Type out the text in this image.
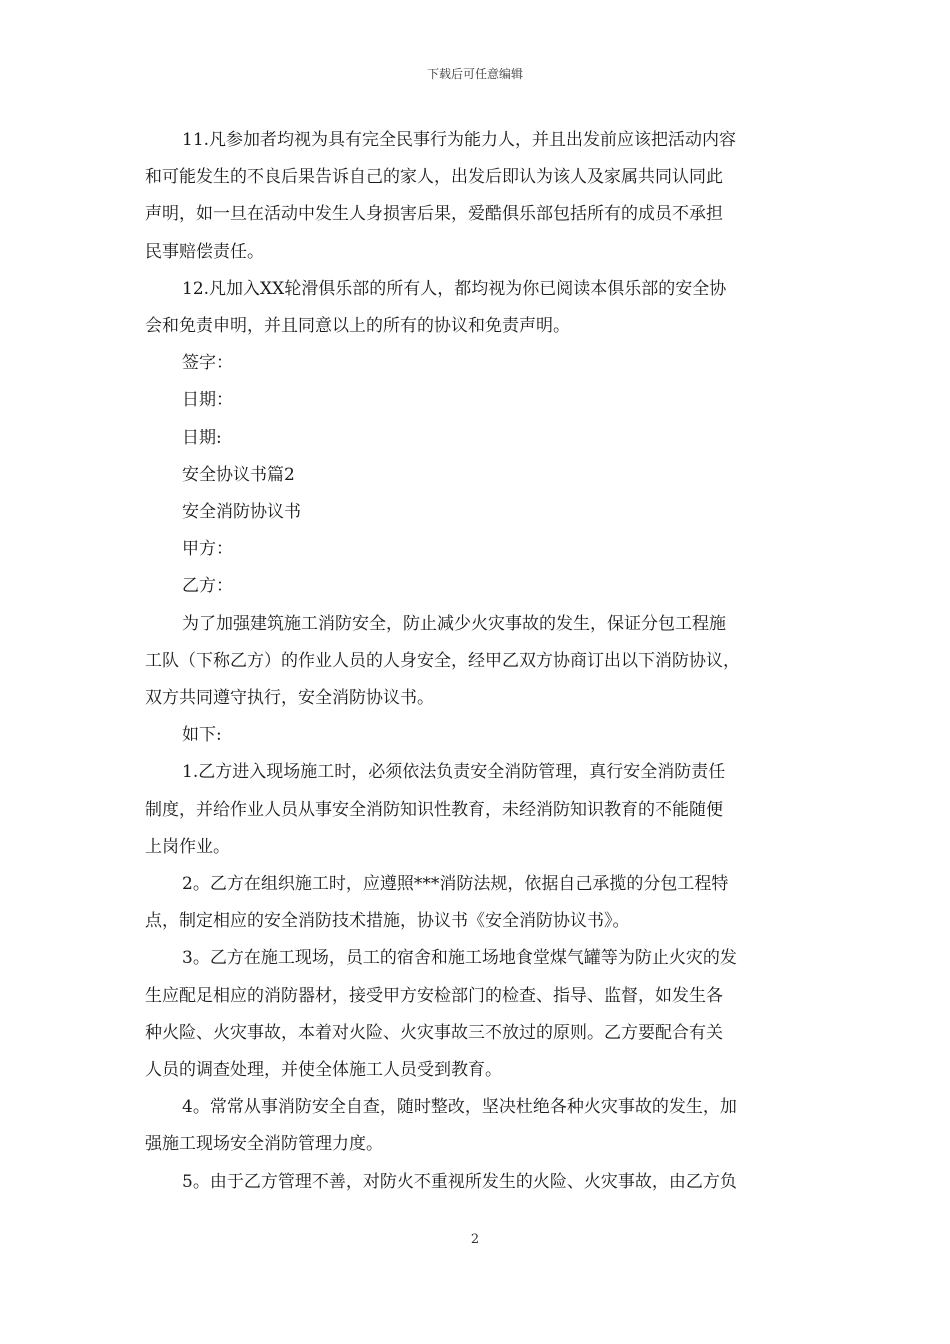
下载后可任意编辑

11.凡参加者均视为具有完全民事行为能力人，并且出发前应该把活动内容

和可能发生的不良后果告诉自己的家人，出发后即认为该人及家属共同认同此

声明，如一旦在活动中发生人身损害后果，爱酷俱乐部包括所有的成员不承担

民事赔偿责任。

12.凡加入XX轮滑俱乐部的所有人，都均视为你已阅读本俱乐部的安全协

会和免责申明，并且同意以上的所有的协议和免责声明。

签字：

日期：

日期:

安全协议书篇2

安全消防协议书

甲方：

乙方：

为了加强建筑施工消防安全，防止减少火灾事故的发生，保证分包工程施

工队（下称乙方）的作业人员的人身安全，经甲乙双方协商订出以下消防协议，

双方共同遵守执行，安全消防协议书。

如下:

1.乙方进入现场施工时，必须依法负责安全消防管理，真行安全消防责任

制度，并给作业人员从事安全消防知识性教育，未经消防知识教育的不能随便

上岗作业。

2。乙方在组织施工时，应遵照***消防法规，依据自己承揽的分包工程特

点，制定相应的安全消防技术措施，协议书《安全消防协议书》。

3。乙方在施工现场，员工的宿舍和施工场地食堂煤气罐等为防止火灾的发

生应配足相应的消防器材，接受甲方安检部门的检查、指导、监督，如发生各

种火险、火灾事故，本着对火险、火灾事故三不放过的原则。乙方要配合有关

人员的调查处理，并使全体施工人员受到教育。

4。常常从事消防安全自查，随时整改，坚决杜绝各种火灾事故的发生，加

强施工现场安全消防管理力度。

5。由于乙方管理不善，对防火不重视所发生的火险、火灾事故，由乙方负

2
